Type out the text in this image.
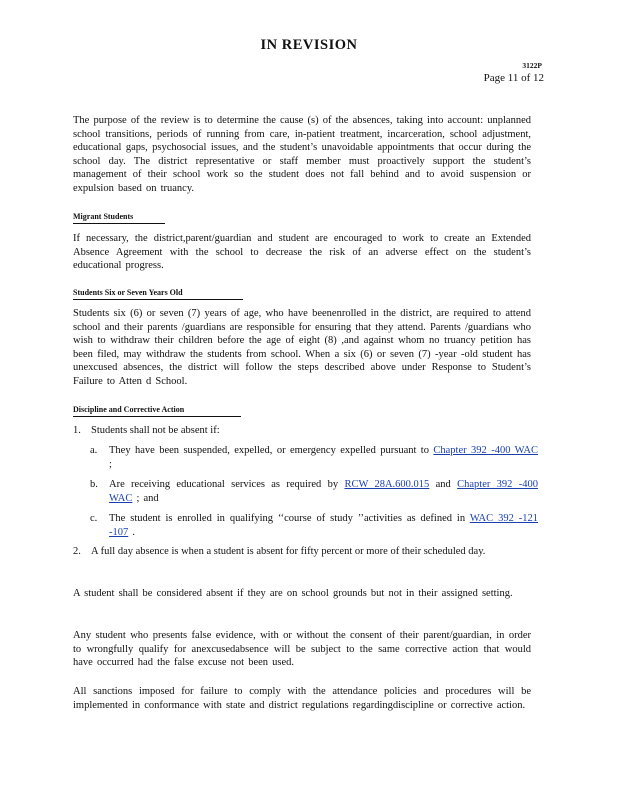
IN REVISION
3122P
Page 11 of 12

The purpose of the review is to determine the cause (s) of the absences, taking into account: unplanned school transitions, periods of running from care, in-patient treatment, incarceration, school adjustment, educational gaps, psychosocial issues, and the student’s unavoidable appointments that occur during the school day. The district representative or staff member must proactively support the student’s management of their school work so the student does not fall behind and to avoid suspension or expulsion based on truancy.

Migrant Students

If necessary, the district,parent/guardian and student are encouraged to work to create an Extended Absence Agreement with the school to decrease the risk of an adverse effect on the student’s educational progress.

Students Six or Seven Years Old

Students six (6) or seven (7) years of age, who have beenenrolled in the district, are required to attend school and their parents /guardians are responsible for ensuring that they attend. Parents /guardians who wish to withdraw their children before the age of eight (8) ,and against whom no truancy petition has been filed, may withdraw the students from school. When a six (6) or seven (7) -year -old student has unexcused absences, the district will follow the steps described above under Response to Student’s Failure to Atten d School.

Discipline and Corrective Action
1. Students shall not be absent if:
a. They have been suspended, expelled, or emergency expelled pursuant to Chapter 392 -400 WAC ;
b. Are receiving educational services as required by RCW 28A.600.015 and Chapter 392 -400 WAC ; and
c. The student is enrolled in qualifying ‘‘course of study ’’activities as defined in WAC 392 -121 -107 .
2. A full day absence is when a student is absent for fifty percent or more of their scheduled day.

A student shall be considered absent if they are on school grounds but not in their assigned setting.

Any student who presents false evidence, with or without the consent of their parent/guardian, in order to wrongfully qualify for anexcusedabsence will be subject to the same corrective action that would have occurred had the false excuse not been used.

All sanctions imposed for failure to comply with the attendance policies and procedures will be implemented in conformance with state and district regulations regardingdiscipline or corrective action.
